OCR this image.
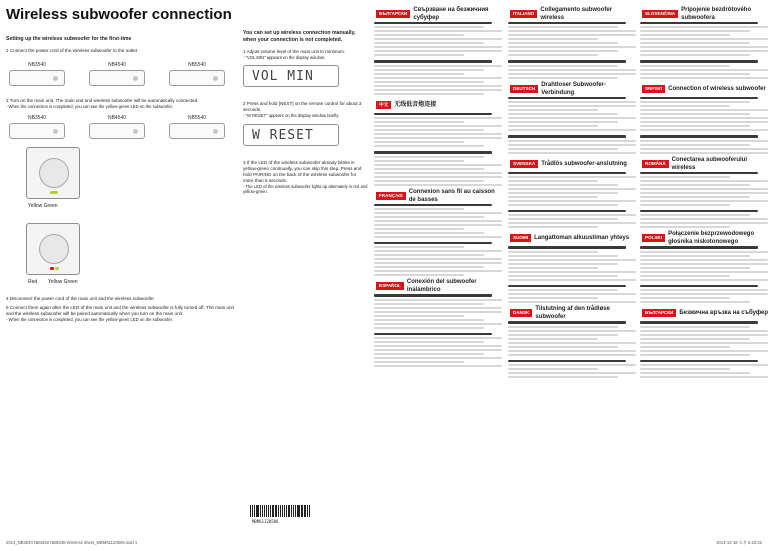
Wireless subwoofer connection
Setting up the wireless subwoofer for the first-time
1 Connect the power cord of the wireless subwoofer to the outlet
NB3540	NB4540	NB5540
2 Turn on the main unit. The main unit and wireless subwoofer will be automatically connected.
- When the connection is completed, you can see the yellow-green LED on the subwoofer.
NB3540	NB4540	NB5540
Yellow Green
Red Yellow Green
4 Disconnect the power cord of the main unit and the wireless subwoofer.
5 Connect them again after the LED of the main unit and the wireless subwoofer is fully turned off. The main unit and the wireless subwoofer will be paired automatically when you turn on the main unit.
- When the connection is completed, you can see the yellow-green LED on the subwoofer.
You can set up wireless connection manually, when your connection is not completed.
1 Adjust volume level of the main unit to minimum.
- "VOL MIN" appears on the display window.
VOL MIN
2 Press and hold [NEXT] on the remote control for about 3 seconds.
- "W RESET" appears on the display window briefly.
W RESET
3 If the LED of the wireless subwoofer already blinks in yellow-green continually, you can skip this step. Press and hold PAIRING on the back of the wireless subwoofer for more than 5 seconds.
- The LED of the wireless subwoofer lights up alternately in red and yellow-green.
БЪЛГАРСКИ
Свързване на безжичния субуфер
中文	无线低音炮连接
FRANÇAIS
Connexion sans fil au caisson de basses
ESPAÑOL
Conexión del subwoofer inalámbrico
ITALIANO
Collegamento subwoofer wireless
DEUTSCH
Drahtloser Subwoofer-Verbindung
SVENSKA	Trådlös subwoofer-anslutning
SUOMI	Langattoman alkuustiman yhteys
DANSK
Tilslutning af den trådløse subwoofer
SLOVENČINA
Pripojenie bezdrôtového subwoofera
SRPSKI	Connection of wireless subwoofer
ROMÂNĂ
Conectarea subwooferului wireless
POLSKI
Połączenie bezprzewodowego głośnika niskotonowego
БЪЛГАРСКИ	Безжична връзка на събуфер
MBM61120506
2014_NB3540 NB4540 NB5540-Wireless sheet_MBM61120506.indd 1	2013-12-18 오후 6:22:02
